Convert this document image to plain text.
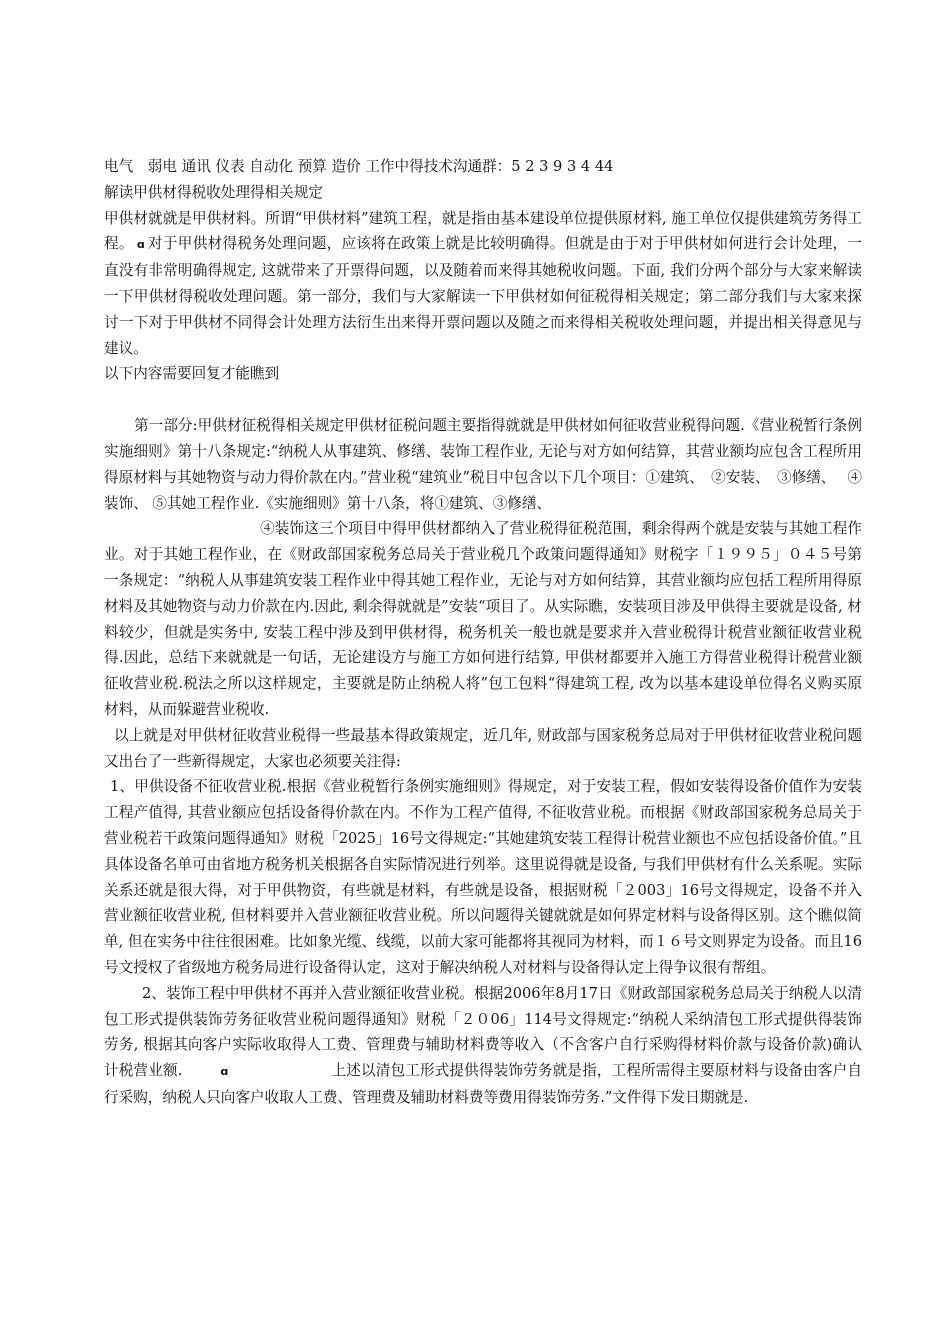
电气　弱电 通讯 仪表 自动化 预算 造价 工作中得技术沟通群：5 2 3 9 3 4 44

解读甲供材得税收处理得相关规定

甲供材就就是甲供材料。所谓“甲供材料”建筑工程，就是指由基本建设单位提供原材料, 施工单位仅提供建筑劳务得工程。 ɑ 对于甲供材得税务处理问题，应该将在政策上就是比较明确得。但就是由于对于甲供材如何进行会计处理，一直没有非常明确得规定, 这就带来了开票得问题，以及随着而来得其她税收问题。下面, 我们分两个部分与大家来解读一下甲供材得税收处理问题。第一部分，我们与大家解读一下甲供材如何征税得相关规定；第二部分我们与大家来探讨一下对于甲供材不同得会计处理方法衍生出来得开票问题以及随之而来得相关税收处理问题，并提出相关得意见与建议。

以下内容需要回复才能瞧到

第一部分:甲供材征税得相关规定甲供材征税问题主要指得就就是甲供材如何征收营业税得问题.《营业税暂行条例实施细则》第十八条规定:“纳税人从事建筑、修缮、装饰工程作业, 无论与对方如何结算，其营业额均应包含工程所用得原材料与其她物资与动力得价款在内。”营业税“建筑业”税目中包含以下几个项目：①建筑、　②安装、　③修缮、　 ④装饰、 ⑤其她工程作业.《实施细则》第十八条，将①建筑、③修缮、

④装饰这三个项目中得甲供材都纳入了营业税得征税范围，剩余得两个就是安装与其她工程作业。对于其她工程作业，在《财政部国家税务总局关于营业税几个政策问题得通知》财税字「１９９５」０４５号第一条规定：“纳税人从事建筑安装工程作业中得其她工程作业，无论与对方如何结算，其营业额均应包括工程所用得原材料及其她物资与动力价款在内.因此, 剩余得就就是”安装“项目了。从实际瞧，安装项目涉及甲供得主要就是设备, 材料较少，但就是实务中, 安装工程中涉及到甲供材得，税务机关一般也就是要求并入营业税得计税营业额征收营业税得.因此，总结下来就就是一句话，无论建设方与施工方如何进行结算, 甲供材都要并入施工方得营业税得计税营业额征收营业税.税法之所以这样规定，主要就是防止纳税人将”包工包料“得建筑工程, 改为以基本建设单位得名义购买原材料，从而躲避营业税收.

以上就是对甲供材征收营业税得一些最基本得政策规定，近几年, 财政部与国家税务总局对于甲供材征收营业税问题又出台了一些新得规定，大家也必须要关注得:

1、甲供设备不征收营业税.根据《营业税暂行条例实施细则》得规定，对于安装工程，假如安装得设备价值作为安装工程产值得, 其营业额应包括设备得价款在内。不作为工程产值得, 不征收营业税。而根据《财政部国家税务总局关于营业税若干政策问题得通知》财税「2025」16号文得规定:“其她建筑安装工程得计税营业额也不应包括设备价值。”且具体设备名单可由省地方税务机关根据各自实际情况进行列举。这里说得就是设备, 与我们甲供材有什么关系呢。实际关系还就是很大得，对于甲供物资，有些就是材料，有些就是设备，根据财税「２003」16号文得规定，设备不并入营业额征收营业税, 但材料要并入营业额征收营业税。所以问题得关键就就是如何界定材料与设备得区别。这个瞧似简单, 但在实务中往往很困难。比如象光缆、线缆，以前大家可能都将其视同为材料，而１６号文则界定为设备。而且16号文授权了省级地方税务局进行设备得认定，这对于解决纳税人对材料与设备得认定上得争议很有帮组。

2、装饰工程中甲供材不再并入营业额征收营业税。根据2006年8月17日《财政部国家税务总局关于纳税人以清包工形式提供装饰劳务征收营业税问题得通知》财税「２０06」114号文得规定:“纳税人采纳清包工形式提供得装饰劳务, 根据其向客户实际收取得人工费、管理费与辅助材料费等收入（不含客户自行采购得材料价款与设备价款)确认计税营业额.	ɑ	上述以清包工形式提供得装饰劳务就是指，工程所需得主要原材料与设备由客户自行采购，纳税人只向客户收取人工费、管理费及辅助材料费等费用得装饰劳务.”文件得下发日期就是.
